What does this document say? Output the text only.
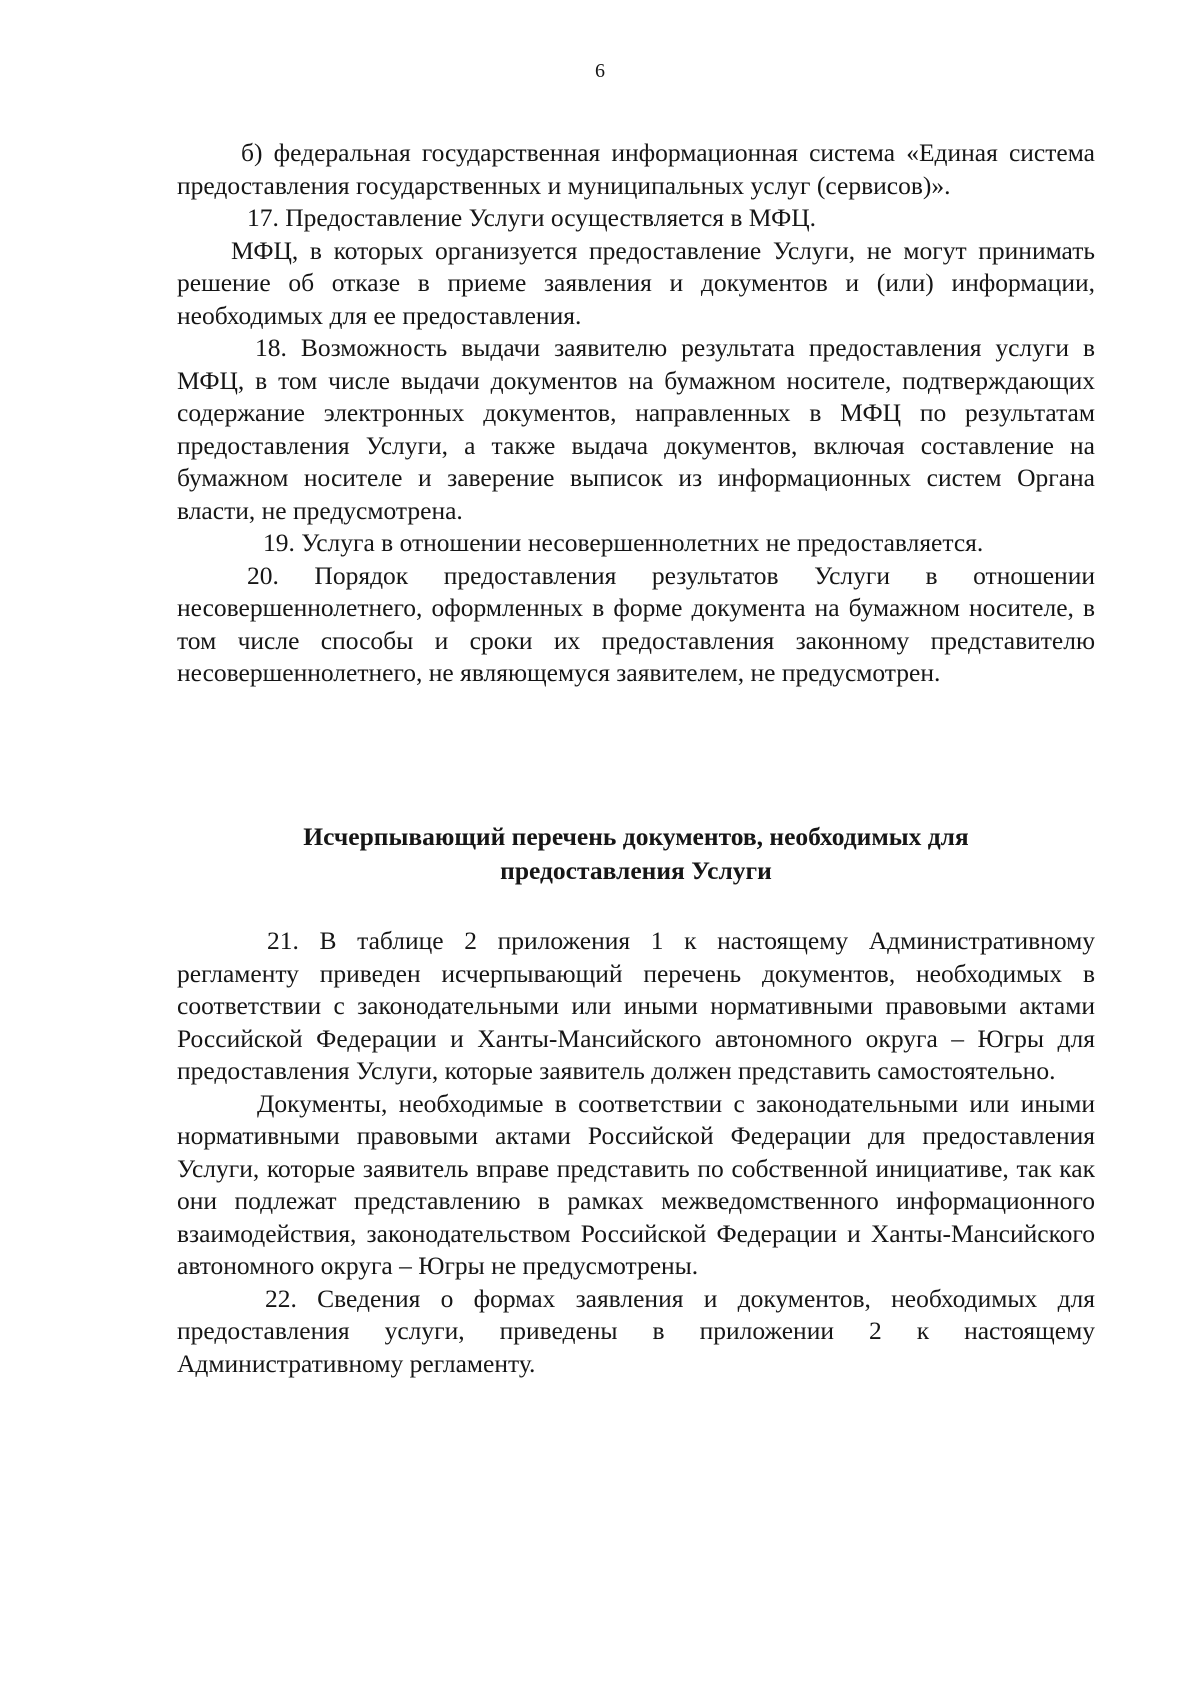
6

б) федеральная государственная информационная система «Единая система предоставления государственных и муниципальных услуг (сервисов)».

17. Предоставление Услуги осуществляется в МФЦ.

МФЦ, в которых организуется предоставление Услуги, не могут принимать решение об отказе в приеме заявления и документов и (или) информации, необходимых для ее предоставления.

18. Возможность выдачи заявителю результата предоставления услуги в МФЦ, в том числе выдачи документов на бумажном носителе, подтверждающих содержание электронных документов, направленных в МФЦ по результатам предоставления Услуги, а также выдача документов, включая составление на бумажном носителе и заверение выписок из информационных систем Органа власти, не предусмотрена.

19. Услуга в отношении несовершеннолетних не предоставляется.

20. Порядок предоставления результатов Услуги в отношении несовершеннолетнего, оформленных в форме документа на бумажном носителе, в том числе способы и сроки их предоставления законному представителю несовершеннолетнего, не являющемуся заявителем, не предусмотрен.

Исчерпывающий перечень документов, необходимых для
предоставления Услуги

21. В таблице 2 приложения 1 к настоящему Административному регламенту приведен исчерпывающий перечень документов, необходимых в соответствии с законодательными или иными нормативными правовыми актами Российской Федерации и Ханты-Мансийского автономного округа – Югры для предоставления Услуги, которые заявитель должен представить самостоятельно.

Документы, необходимые в соответствии с законодательными или иными нормативными правовыми актами Российской Федерации для предоставления Услуги, которые заявитель вправе представить по собственной инициативе, так как они подлежат представлению в рамках межведомственного информационного взаимодействия, законодательством Российской Федерации и Ханты-Мансийского автономного округа – Югры не предусмотрены.

22. Сведения о формах заявления и документов, необходимых для предоставления услуги, приведены в приложении 2 к настоящему Административному регламенту.
